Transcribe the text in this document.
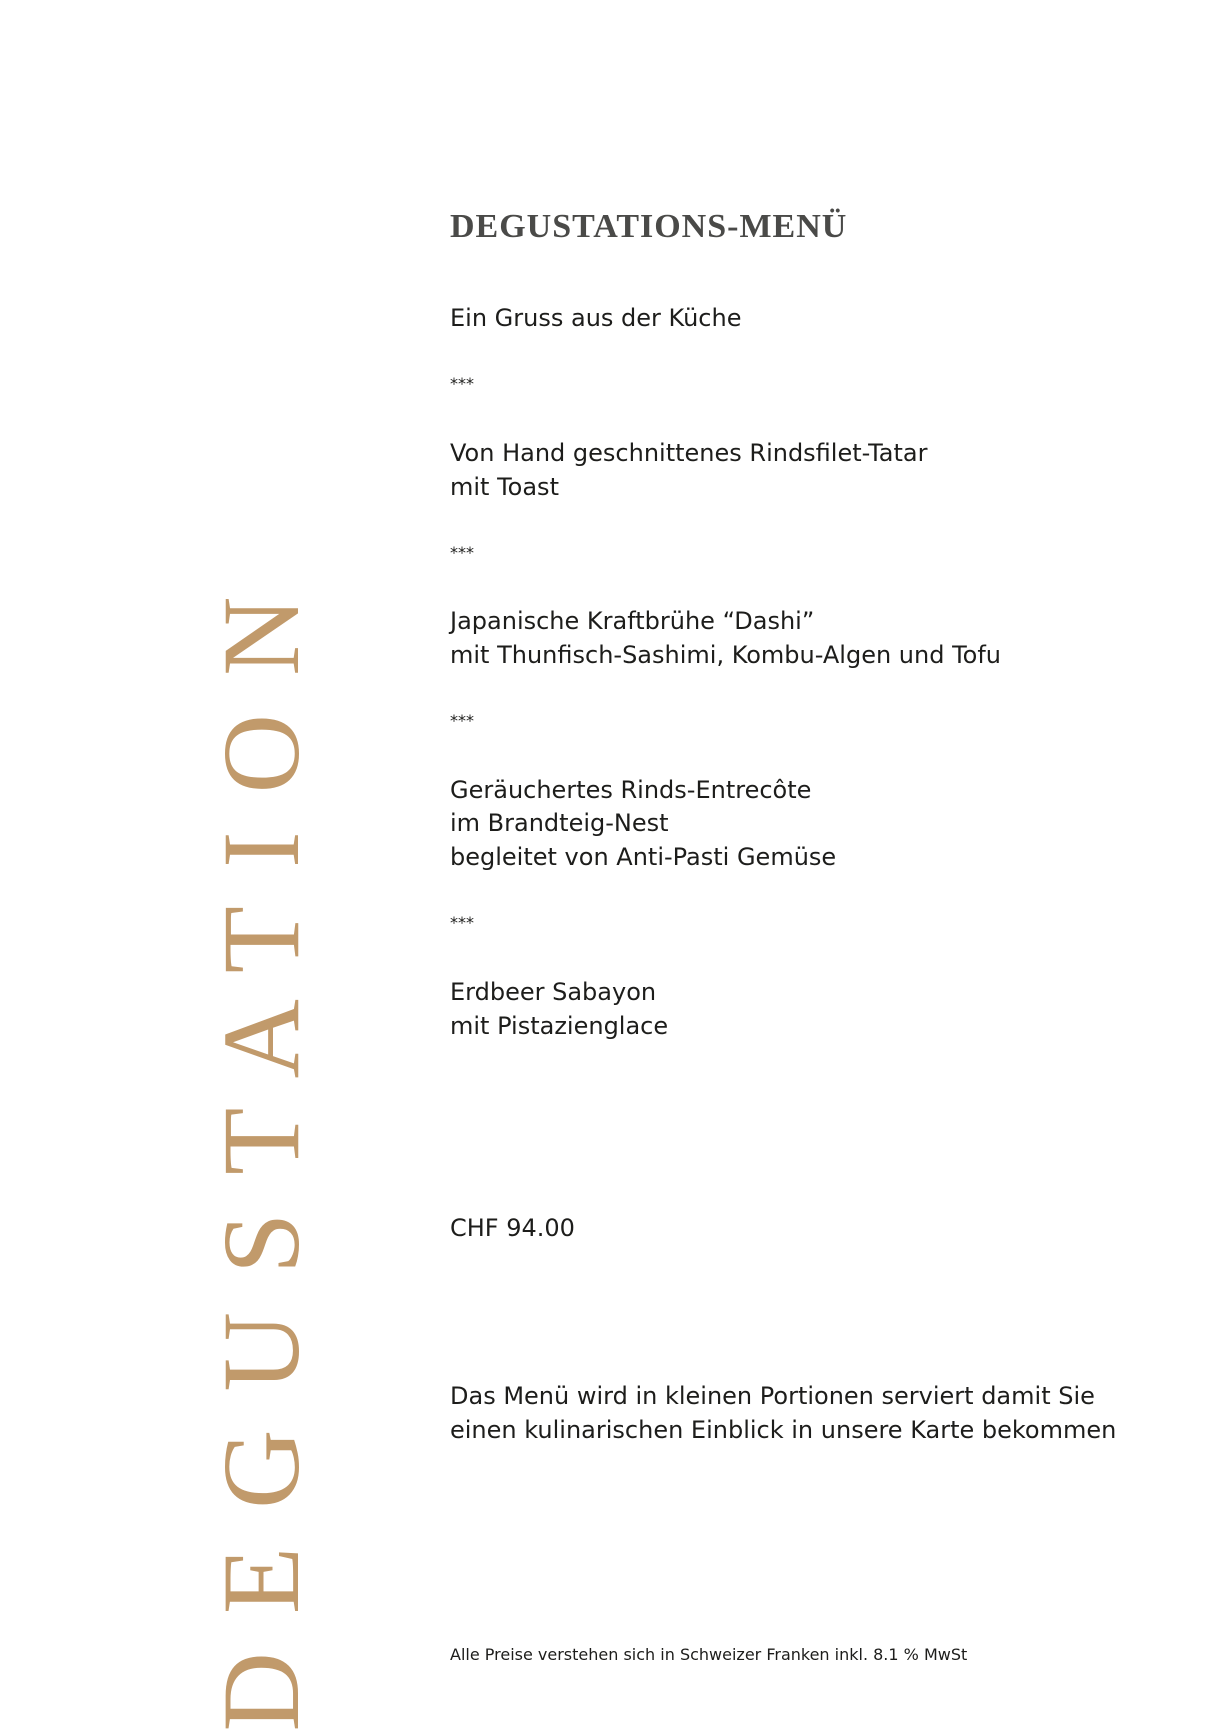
DEGUSTATION
DEGUSTATIONS-MENÜ
Ein Gruss aus der Küche
***
Von Hand geschnittenes Rindsfilet-Tatar
mit Toast
***
Japanische Kraftbrühe “Dashi”
mit Thunfisch-Sashimi, Kombu-Algen und Tofu
***
Geräuchertes Rinds-Entrecôte
im Brandteig-Nest
begleitet von Anti-Pasti Gemüse
***
Erdbeer Sabayon
mit Pistazienglace
CHF 94.00
Das Menü wird in kleinen Portionen serviert damit Sie
einen kulinarischen Einblick in unsere Karte bekommen
Alle Preise verstehen sich in Schweizer Franken inkl. 8.1 % MwSt
